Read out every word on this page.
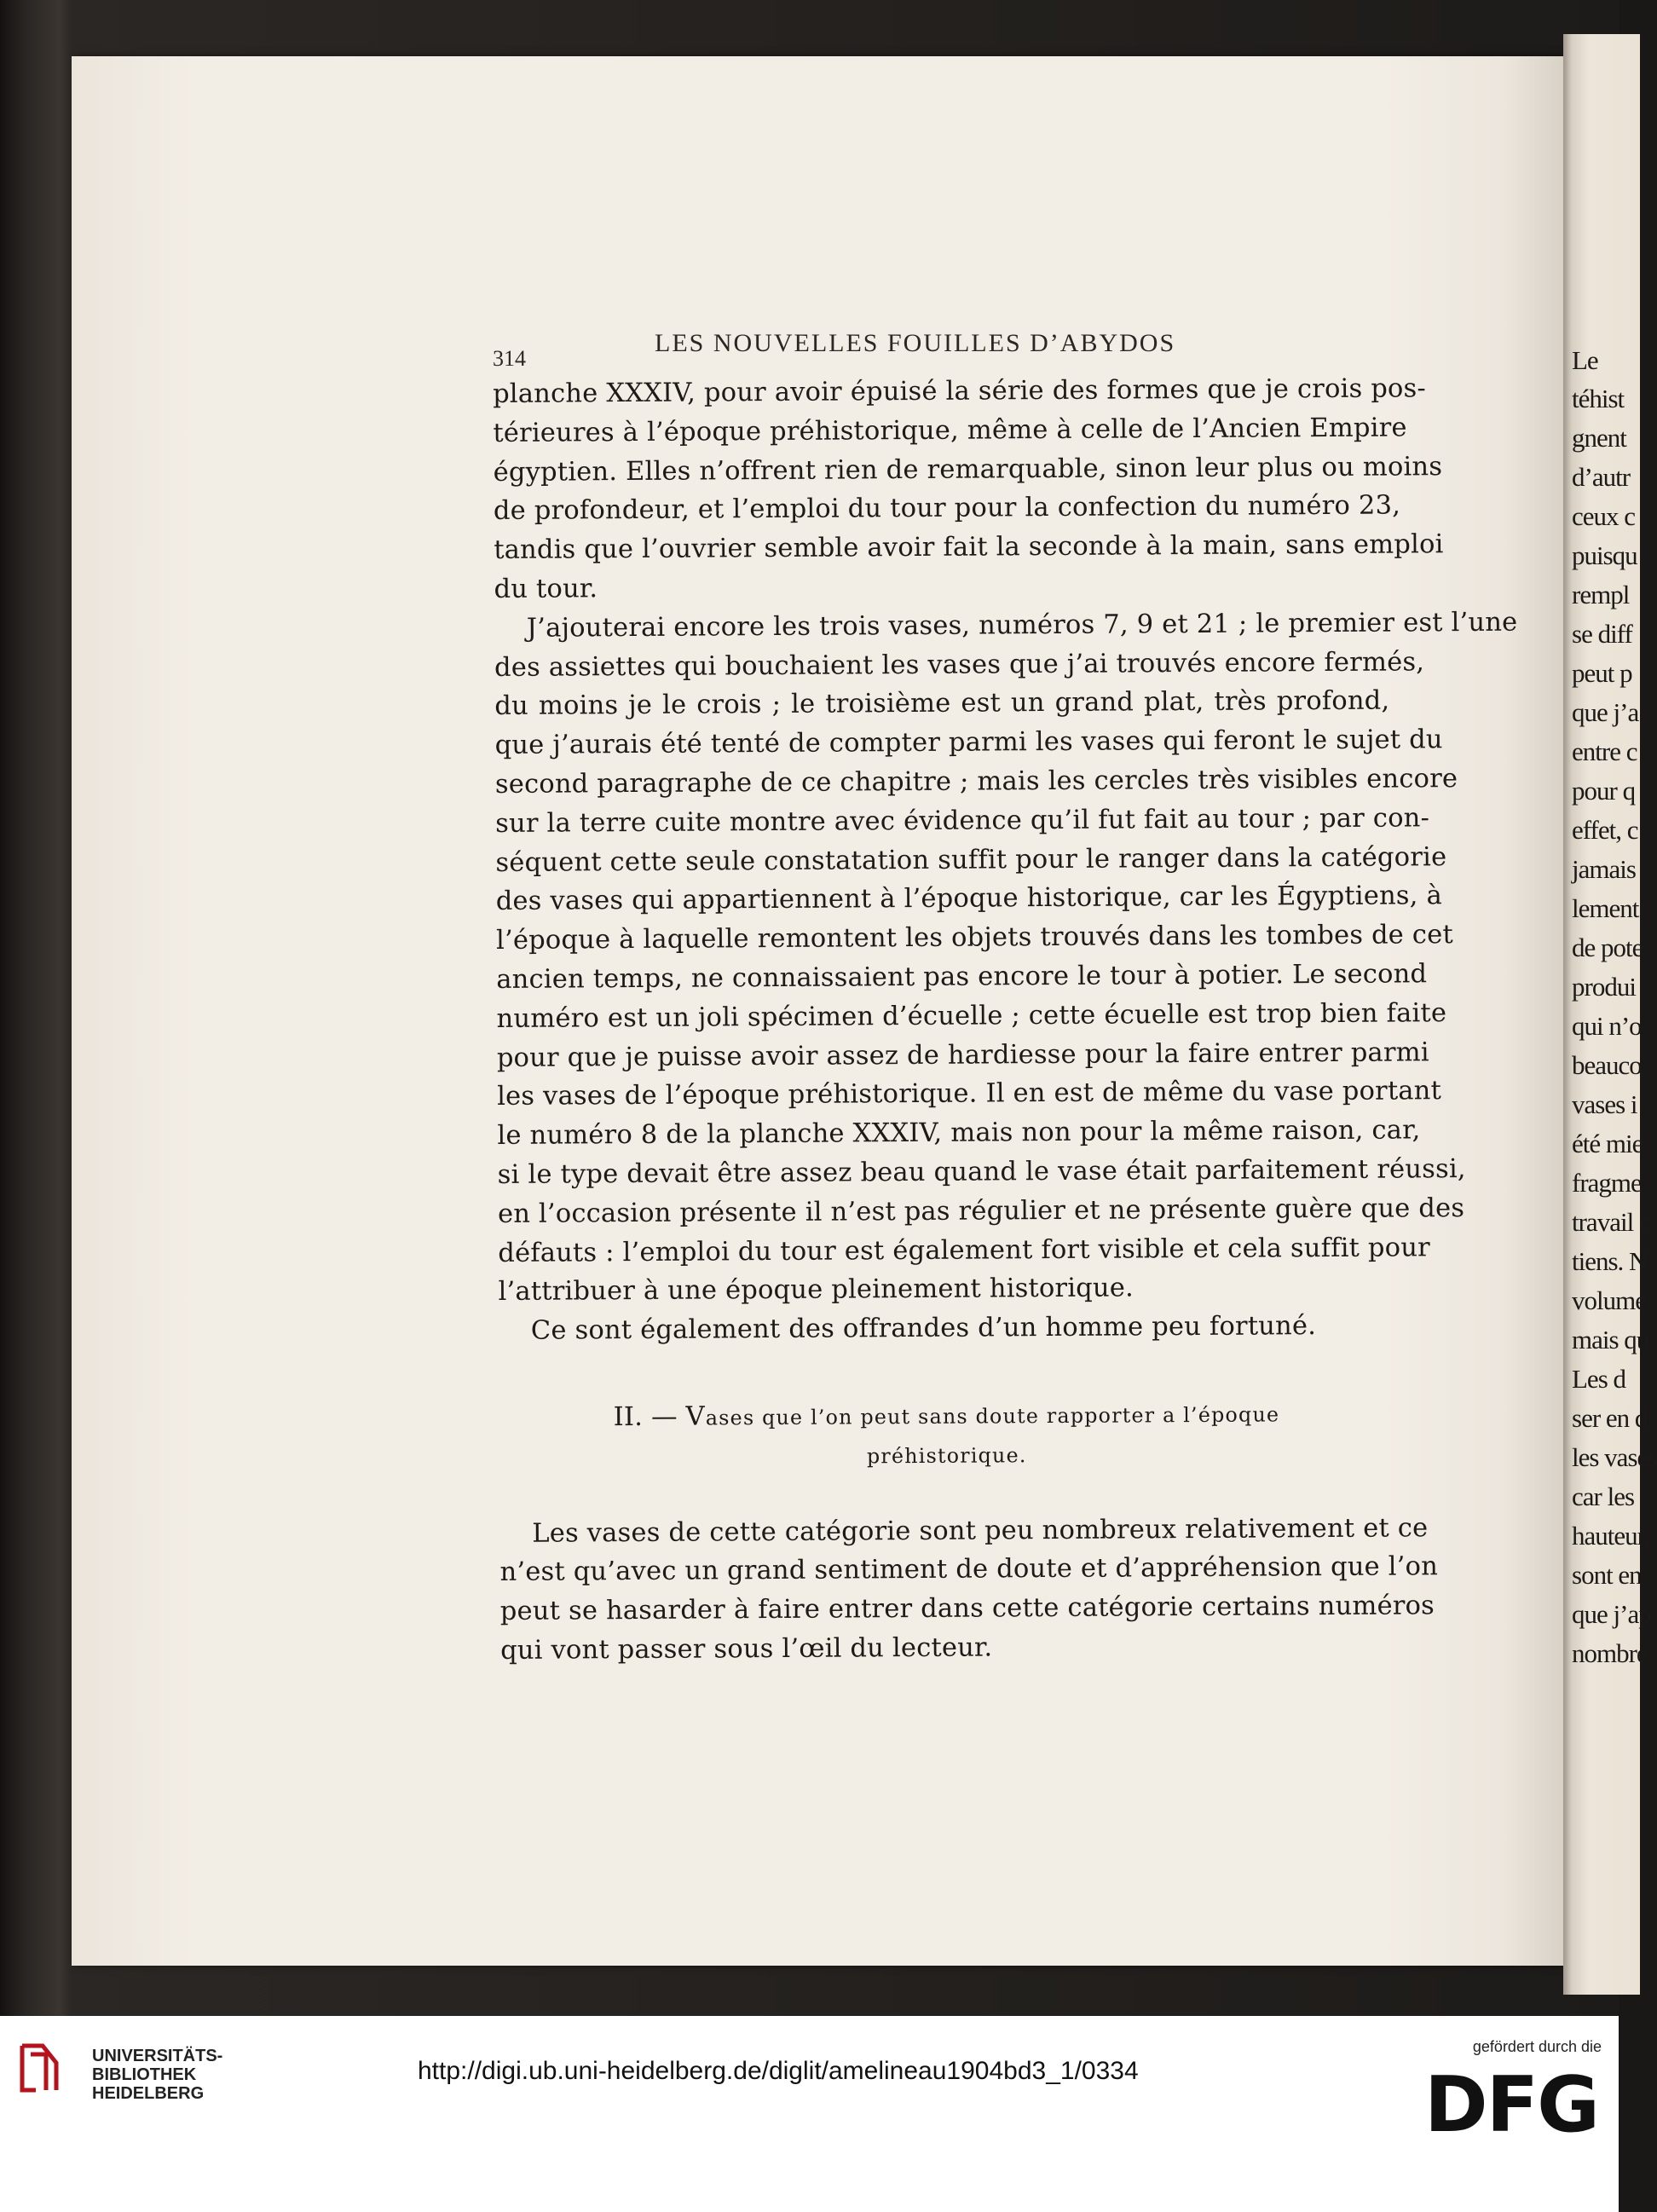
314
LES NOUVELLES FOUILLES D’ABYDOS
planche XXXIV, pour avoir épuisé la série des formes que je crois pos-
térieures à l’époque préhistorique, même à celle de l’Ancien Empire
égyptien. Elles n’offrent rien de remarquable, sinon leur plus ou moins
de profondeur, et l’emploi du tour pour la confection du numéro 23,
tandis que l’ouvrier semble avoir fait la seconde à la main, sans emploi
du tour.
J’ajouterai encore les trois vases, numéros 7, 9 et 21 ; le premier est l’une
des assiettes qui bouchaient les vases que j’ai trouvés encore fermés,
du moins je le crois ; le troisième est un grand plat, très profond,
que j’aurais été tenté de compter parmi les vases qui feront le sujet du
second paragraphe de ce chapitre ; mais les cercles très visibles encore
sur la terre cuite montre avec évidence qu’il fut fait au tour ; par con-
séquent cette seule constatation suffit pour le ranger dans la catégorie
des vases qui appartiennent à l’époque historique, car les Égyptiens, à
l’époque à laquelle remontent les objets trouvés dans les tombes de cet
ancien temps, ne connaissaient pas encore le tour à potier. Le second
numéro est un joli spécimen d’écuelle ; cette écuelle est trop bien faite
pour que je puisse avoir assez de hardiesse pour la faire entrer parmi
les vases de l’époque préhistorique. Il en est de même du vase portant
le numéro 8 de la planche XXXIV, mais non pour la même raison, car,
si le type devait être assez beau quand le vase était parfaitement réussi,
en l’occasion présente il n’est pas régulier et ne présente guère que des
défauts : l’emploi du tour est également fort visible et cela suffit pour
l’attribuer à une époque pleinement historique.
Ce sont également des offrandes d’un homme peu fortuné.
II. — Vases que l’on peut sans doute rapporter a l’époque
préhistorique.
Les vases de cette catégorie sont peu nombreux relativement et ce
n’est qu’avec un grand sentiment de doute et d’appréhension que l’on
peut se hasarder à faire entrer dans cette catégorie certains numéros
qui vont passer sous l’œil du lecteur.
Le
téhist
gnent
d’autr
ceux c
puisqu
rempl
se diff
peut p
que j’a
entre c
pour q
effet, c
jamais
lement
de pote
produi
qui n’o
beauco
vases i
été mie
fragme
travail c
tiens. N
volume
mais qu
Les d
ser en d
les vases
car les
hauteur,
sont en
que j’ap
nombre
UNIVERSITÄTS-
BIBLIOTHEK
HEIDELBERG
http://digi.ub.uni-heidelberg.de/diglit/amelineau1904bd3_1/0334
gefördert durch die
DFG
